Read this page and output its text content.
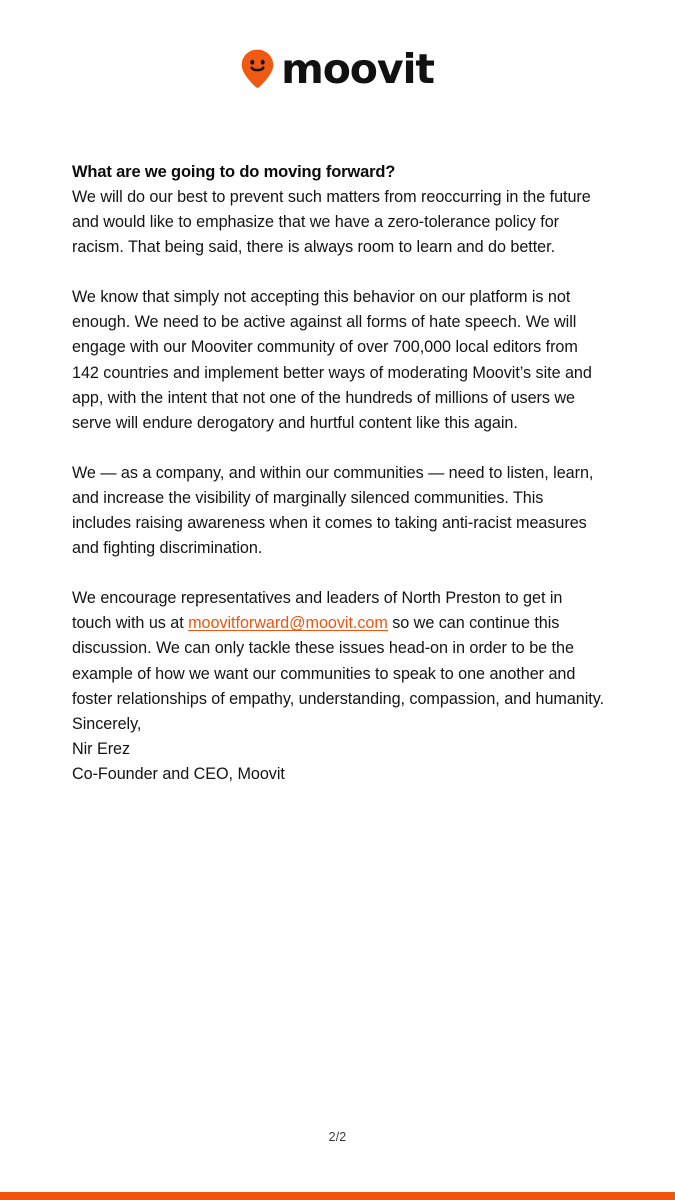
moovit
What are we going to do moving forward?

We will do our best to prevent such matters from reoccurring in the future and would like to emphasize that we have a zero-tolerance policy for racism. That being said, there is always room to learn and do better.

We know that simply not accepting this behavior on our platform is not enough. We need to be active against all forms of hate speech. We will engage with our Mooviter community of over 700,000 local editors from 142 countries and implement better ways of moderating Moovit’s site and app, with the intent that not one of the hundreds of millions of users we serve will endure derogatory and hurtful content like this again.

We — as a company, and within our communities — need to listen, learn, and increase the visibility of marginally silenced communities. This includes raising awareness when it comes to taking anti-racist measures and fighting discrimination.

We encourage representatives and leaders of North Preston to get in touch with us at moovitforward@moovit.com so we can continue this discussion. We can only tackle these issues head-on in order to be the example of how we want our communities to speak to one another and foster relationships of empathy, understanding, compassion, and humanity.

Sincerely,

Nir Erez

Co-Founder and CEO, Moovit

2/2
